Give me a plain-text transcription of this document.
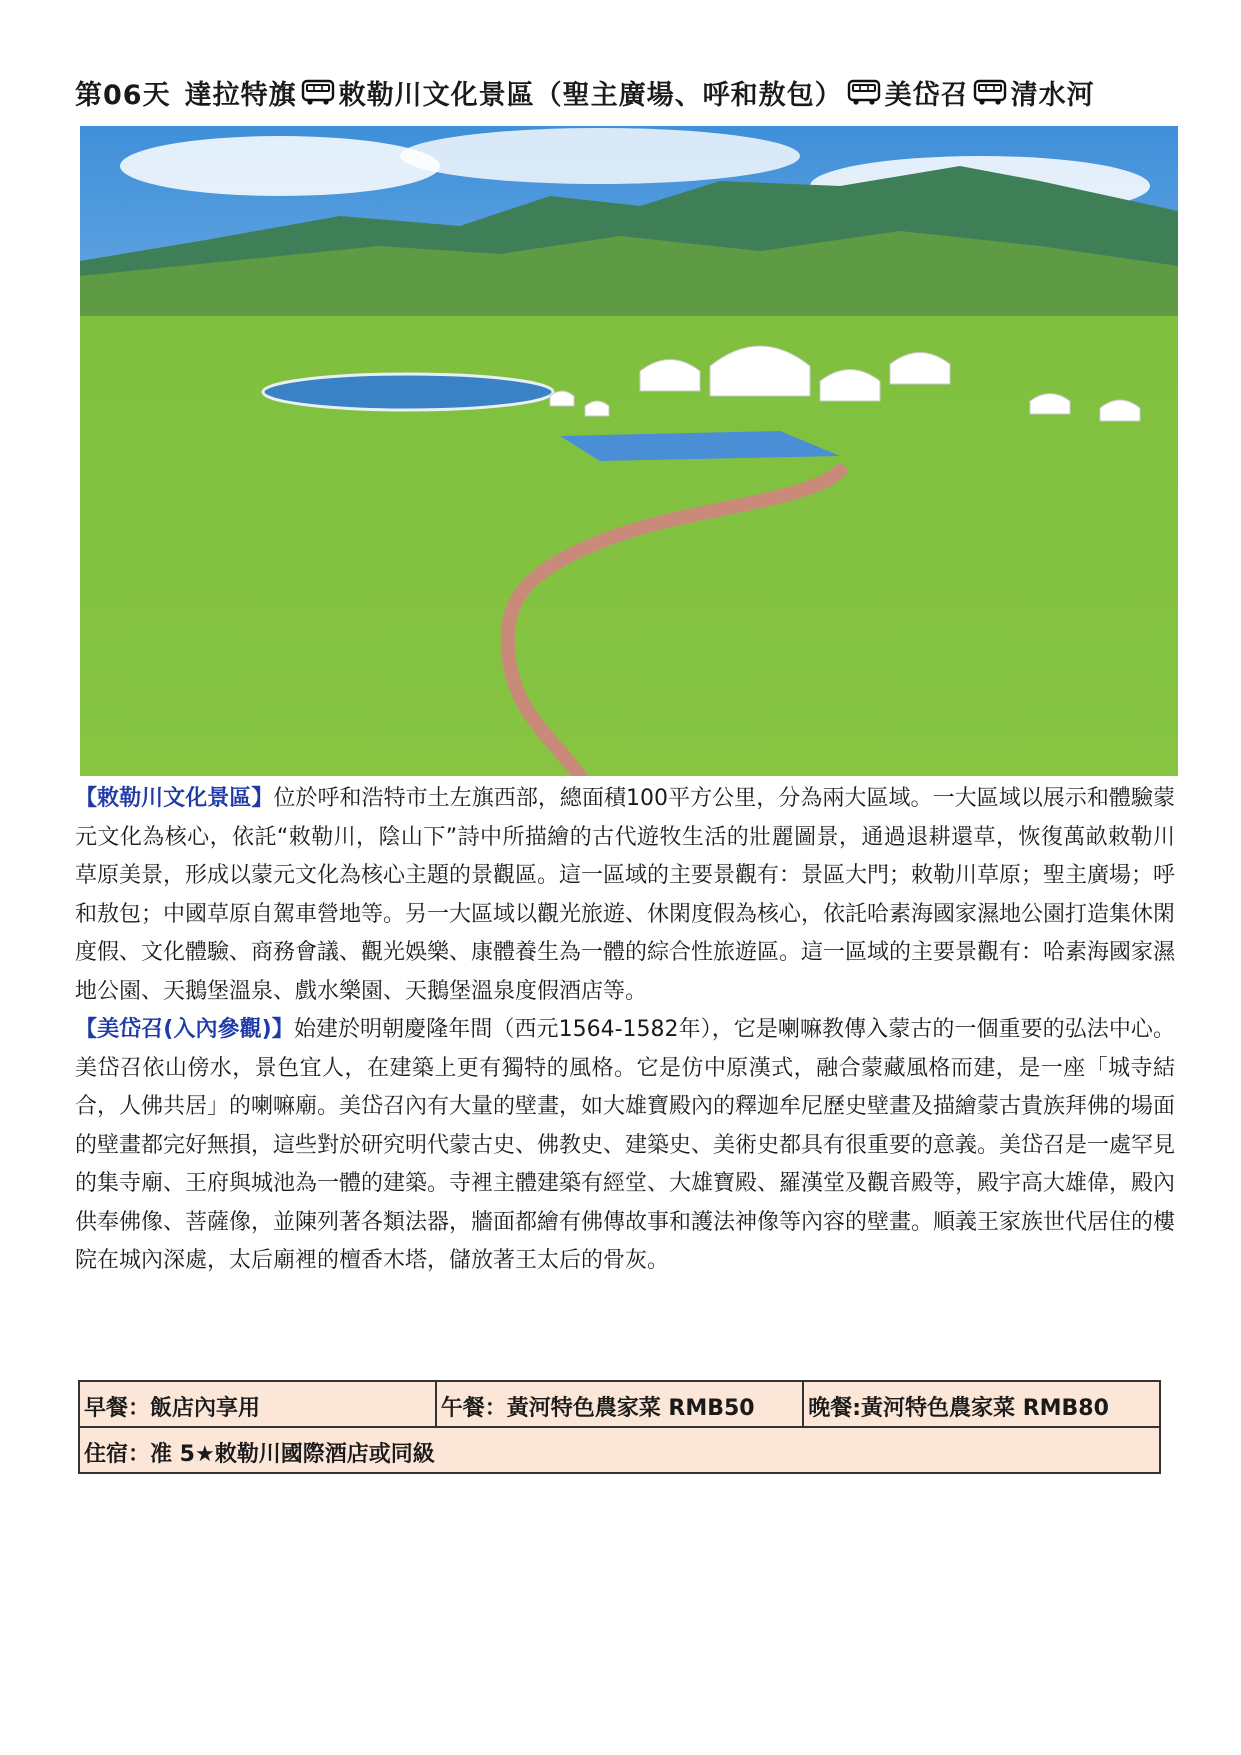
第06天 達拉特旗 敕勒川文化景區（聖主廣場、呼和敖包） 美岱召 清水河

【敕勒川文化景區】位於呼和浩特市土左旗西部，總面積100平方公里，分為兩大區域。一大區域以展示和體驗蒙元文化為核心，依託“敕勒川，陰山下”詩中所描繪的古代遊牧生活的壯麗圖景，通過退耕還草，恢復萬畝敕勒川草原美景，形成以蒙元文化為核心主題的景觀區。這一區域的主要景觀有：景區大門；敕勒川草原；聖主廣場；呼和敖包；中國草原自駕車營地等。另一大區域以觀光旅遊、休閑度假為核心，依託哈素海國家濕地公園打造集休閑度假、文化體驗、商務會議、觀光娛樂、康體養生為一體的綜合性旅遊區。這一區域的主要景觀有：哈素海國家濕地公園、天鵝堡溫泉、戲水樂園、天鵝堡溫泉度假酒店等。

【美岱召(入內參觀)】始建於明朝慶隆年間（西元1564-1582年），它是喇嘛教傳入蒙古的一個重要的弘法中心。美岱召依山傍水，景色宜人，在建築上更有獨特的風格。它是仿中原漢式，融合蒙藏風格而建，是一座「城寺結合，人佛共居」的喇嘛廟。美岱召內有大量的壁畫，如大雄寶殿內的釋迦牟尼歷史壁畫及描繪蒙古貴族拜佛的場面的壁畫都完好無損，這些對於研究明代蒙古史、佛教史、建築史、美術史都具有很重要的意義。美岱召是一處罕見的集寺廟、王府與城池為一體的建築。寺裡主體建築有經堂、大雄寶殿、羅漢堂及觀音殿等，殿宇高大雄偉，殿內供奉佛像、菩薩像，並陳列著各類法器，牆面都繪有佛傳故事和護法神像等內容的壁畫。順義王家族世代居住的樓院在城內深處，太后廟裡的檀香木塔，儲放著王太后的骨灰。

早餐：飯店內享用	午餐：黃河特色農家菜 RMB50	晚餐:黃河特色農家菜 RMB80
住宿：准 5★敕勒川國際酒店或同級
